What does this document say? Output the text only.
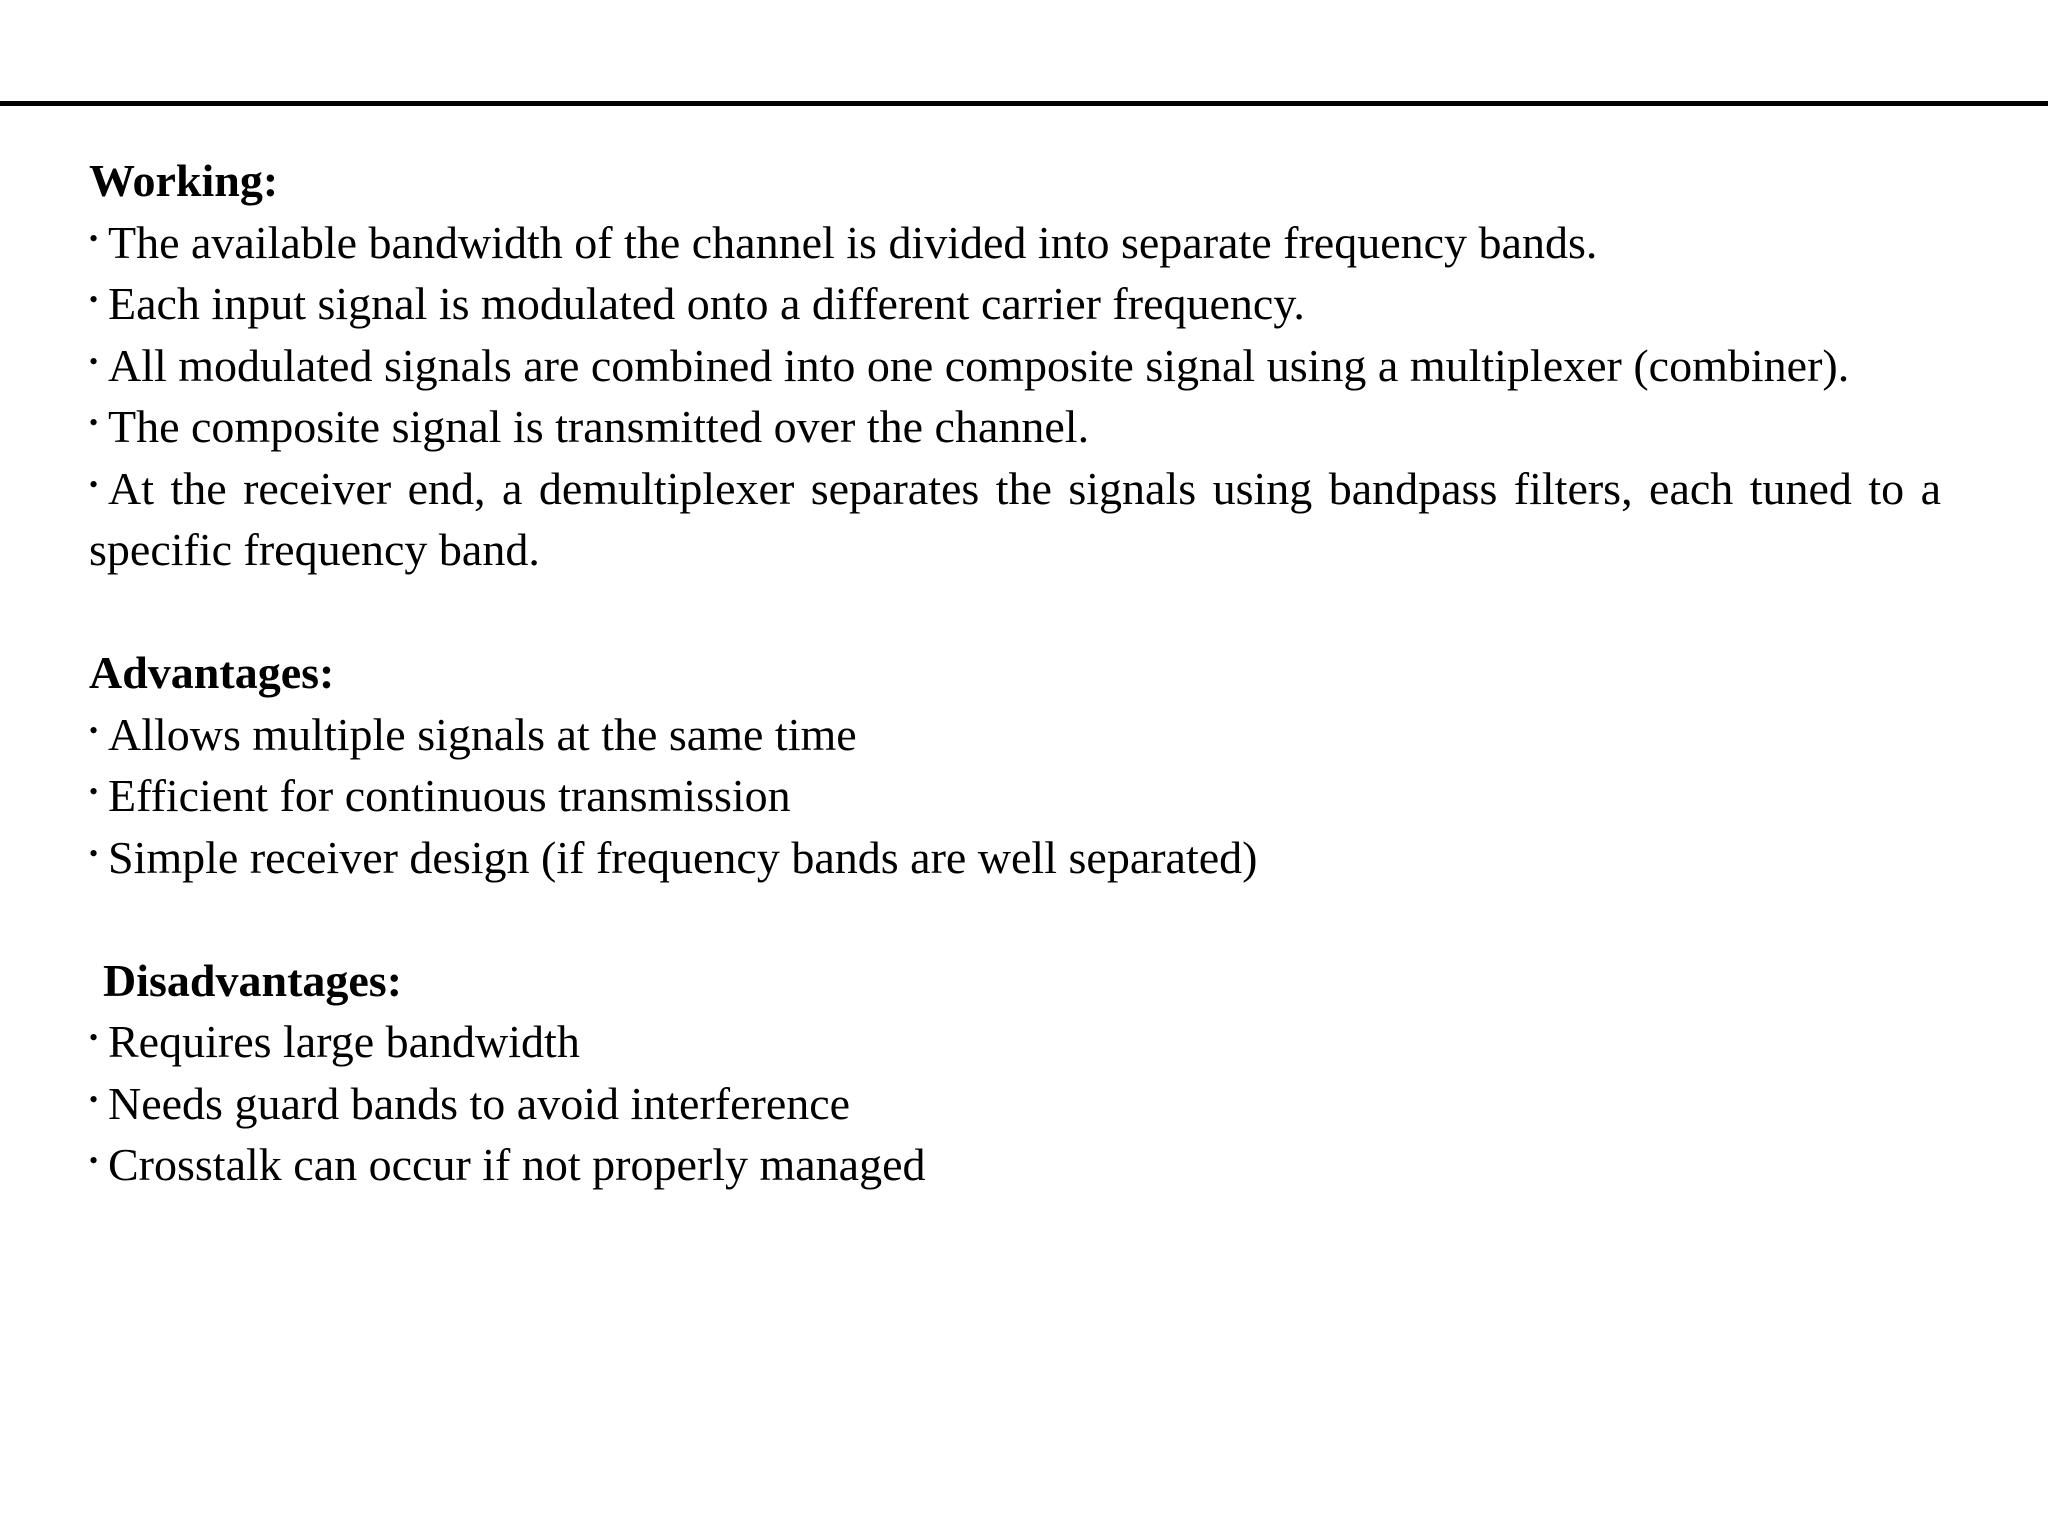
Working:
• The available bandwidth of the channel is divided into separate frequency bands.
• Each input signal is modulated onto a different carrier frequency.
• All modulated signals are combined into one composite signal using a multiplexer (combiner).
• The composite signal is transmitted over the channel.
• At the receiver end, a demultiplexer separates the signals using bandpass filters, each tuned to a specific frequency band.
Advantages:
• Allows multiple signals at the same time
• Efficient for continuous transmission
• Simple receiver design (if frequency bands are well separated)
Disadvantages:
• Requires large bandwidth
• Needs guard bands to avoid interference
• Crosstalk can occur if not properly managed
